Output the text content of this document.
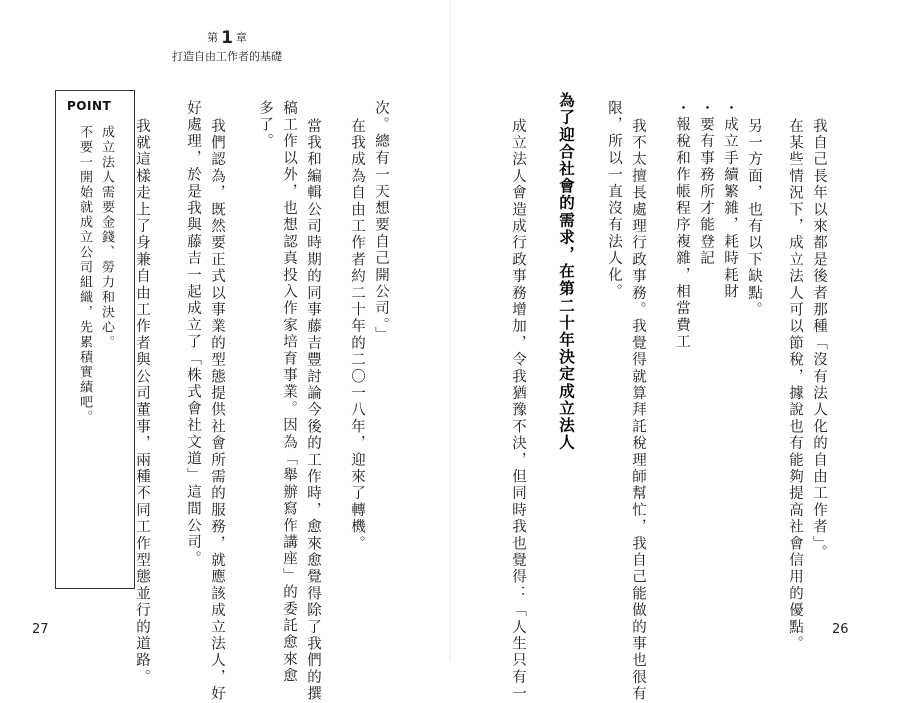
第 1 章
打造自由工作者的基礎
我自己長年以來都是後者那種「沒有法人化的自由工作者」。
在某些情況下，成立法人可以節稅，據說也有能夠提高社會信用的優點。
另一方面，也有以下缺點。
・成立手續繁雜，耗時耗財
・要有事務所才能登記
・報稅和作帳程序複雜，相當費工
我不太擅長處理行政事務。我覺得就算拜託稅理師幫忙，我自己能做的事也很有
限，所以一直沒有法人化。
為了迎合社會的需求，在第二十年決定成立法人
成立法人會造成行政事務增加，令我猶豫不決，但同時我也覺得：「人生只有一
次。總有一天想要自己開公司。」
在我成為自由工作者約二十年的二〇一八年，迎來了轉機。
當我和編輯公司時期的同事藤吉豐討論今後的工作時，愈來愈覺得除了我們的撰
稿工作以外，也想認真投入作家培育事業。因為「舉辦寫作講座」的委託愈來愈
多了。
我們認為，既然要正式以事業的型態提供社會所需的服務，就應該成立法人，好
好處理，於是我與藤吉一起成立了「株式會社文道」這間公司。
我就這樣走上了身兼自由工作者與公司董事，兩種不同工作型態並行的道路。
POINT
成立法人需要金錢、勞力和決心。
不要一開始就成立公司組織，先累積實績吧。
27	26
